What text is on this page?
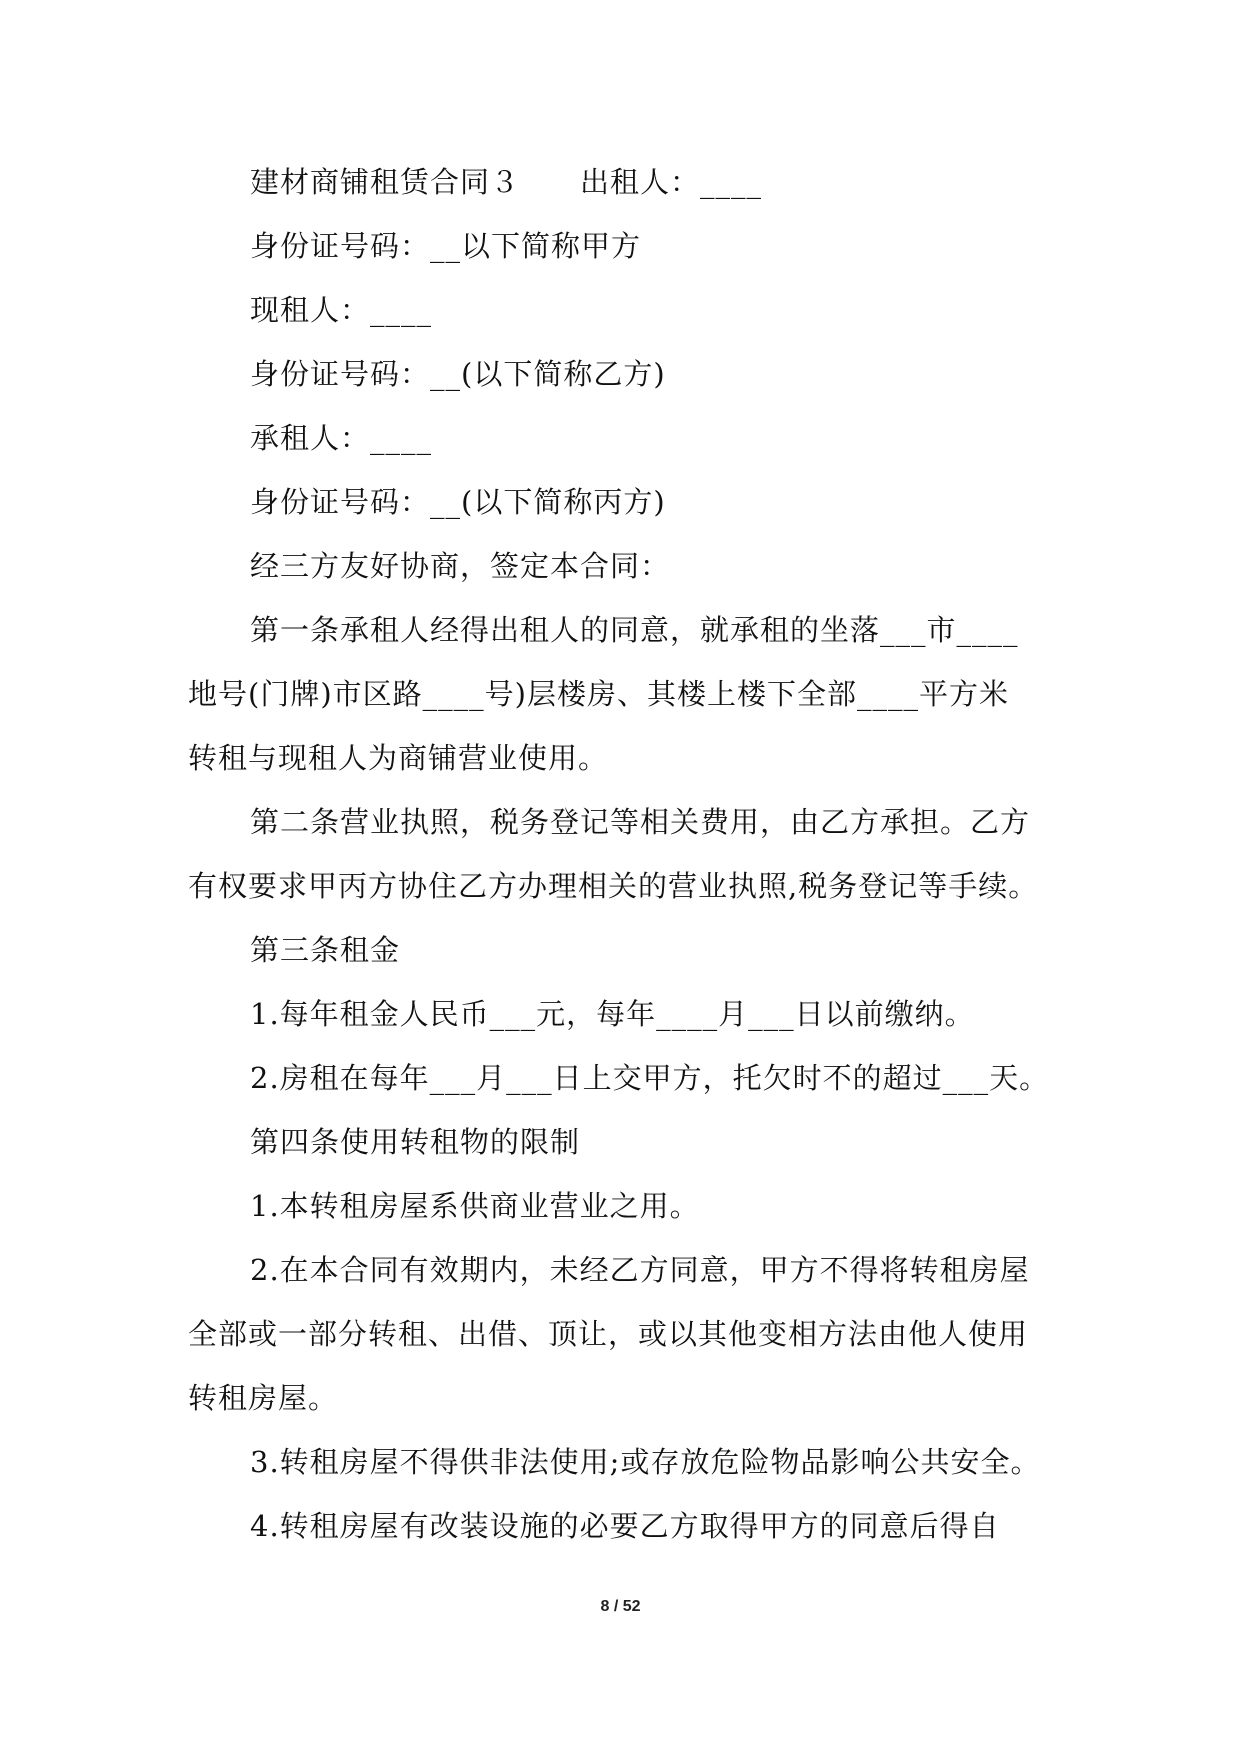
建材商铺租赁合同３　　出租人：____
身份证号码：__以下简称甲方
现租人：____
身份证号码：__(以下简称乙方)
承租人：____
身份证号码：__(以下简称丙方)
经三方友好协商，签定本合同：
第一条承租人经得出租人的同意，就承租的坐落___市____
地号(门牌)市区路____号)层楼房、其楼上楼下全部____平方米
转租与现租人为商铺营业使用。
第二条营业执照，税务登记等相关费用，由乙方承担。乙方
有权要求甲丙方协住乙方办理相关的营业执照,税务登记等手续。
第三条租金
1.每年租金人民币___元，每年____月___日以前缴纳。
2.房租在每年___月___日上交甲方，托欠时不的超过___天。
第四条使用转租物的限制
1.本转租房屋系供商业营业之用。
2.在本合同有效期内，未经乙方同意，甲方不得将转租房屋
全部或一部分转租、出借、顶让，或以其他变相方法由他人使用
转租房屋。
3.转租房屋不得供非法使用;或存放危险物品影响公共安全。
4.转租房屋有改装设施的必要乙方取得甲方的同意后得自
8 / 52
